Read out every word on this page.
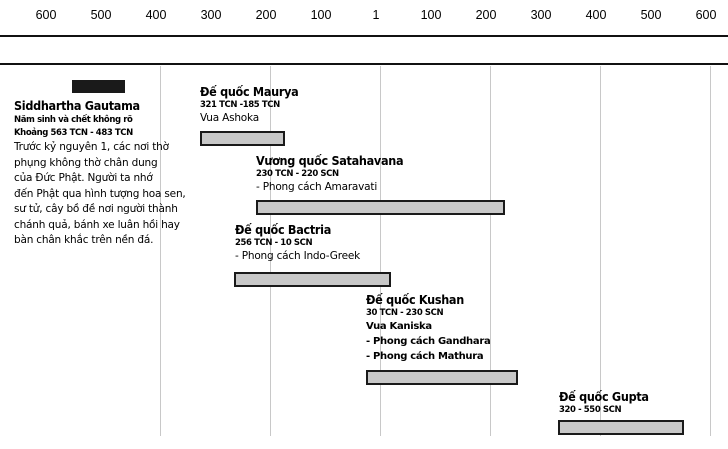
600	500	400	300	200	100	1	100	200	300	400	500	600
Siddhartha Gautama
Năm sinh và chết không rõ
Khoảng 563 TCN - 483 TCN
Trước kỷ nguyên 1, các nơi thờ
phụng không thờ chân dung
của Đức Phật. Người ta nhớ
đến Phật qua hình tượng hoa sen,
sư tử, cây bồ đề nơi người thành
chánh quả, bánh xe luân hồi hay
bàn chân khắc trên nền đá.
Đế quốc Maurya
321 TCN -185 TCN
Vua Ashoka
Vương quốc Satahavana
230 TCN - 220 SCN
- Phong cách Amaravati
Đế quốc Bactria
256 TCN - 10 SCN
- Phong cách Indo-Greek
Đế quốc Kushan
30 TCN - 230 SCN
Vua Kaniska
- Phong cách Gandhara
- Phong cách Mathura
Đế quốc Gupta
320 - 550 SCN
